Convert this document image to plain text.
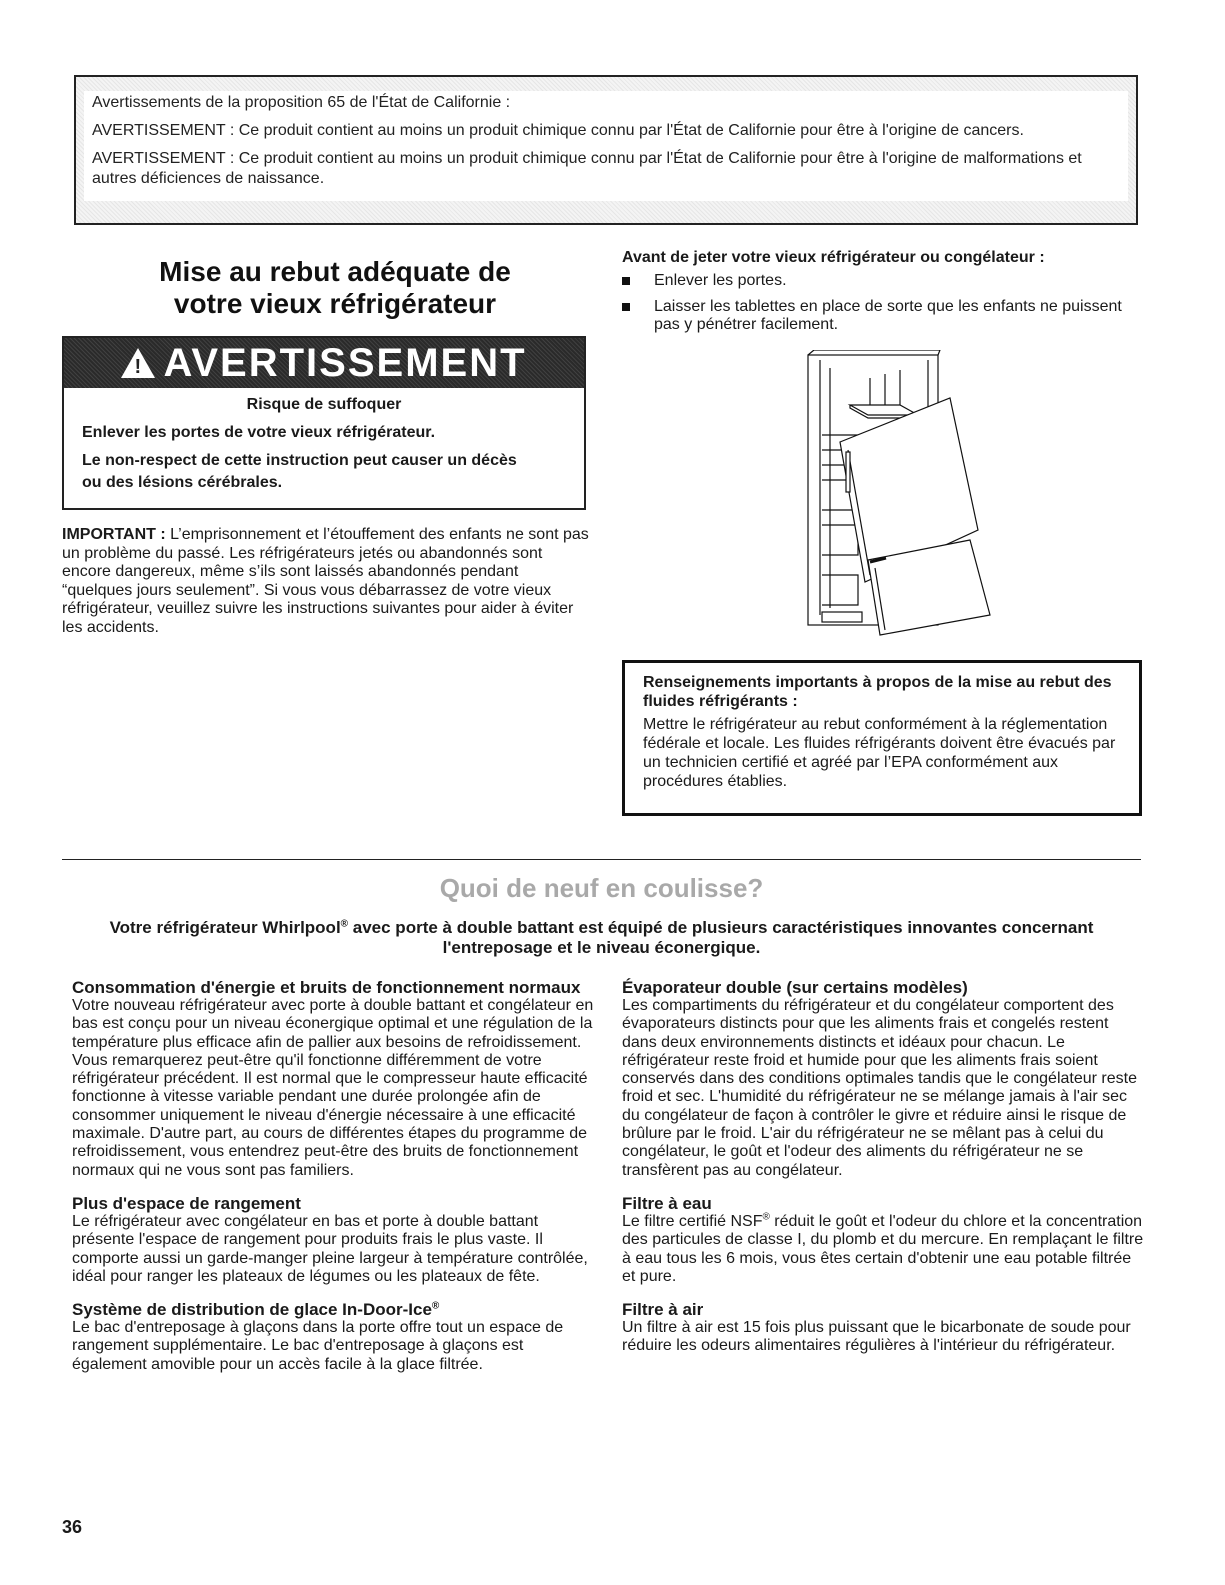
Avertissements de la proposition 65 de l'État de Californie :

AVERTISSEMENT : Ce produit contient au moins un produit chimique connu par l'État de Californie pour être à l'origine de cancers.

AVERTISSEMENT : Ce produit contient au moins un produit chimique connu par l'État de Californie pour être à l'origine de malformations et autres déficiences de naissance.

Mise au rebut adéquate de
votre vieux réfrigérateur
! AVERTISSEMENT
Risque de suffoquer

Enlever les portes de votre vieux réfrigérateur.

Le non-respect de cette instruction peut causer un décès ou des lésions cérébrales.

IMPORTANT : L’emprisonnement et l’étouffement des enfants ne sont pas un problème du passé. Les réfrigérateurs jetés ou abandonnés sont encore dangereux, même s’ils sont laissés abandonnés pendant “quelques jours seulement”. Si vous vous débarrassez de votre vieux réfrigérateur, veuillez suivre les instructions suivantes pour aider à éviter les accidents.
Avant de jeter votre vieux réfrigérateur ou congélateur :
Enlever les portes.
Laisser les tablettes en place de sorte que les enfants ne puissent pas y pénétrer facilement.
Renseignements importants à propos de la mise au rebut des fluides réfrigérants :
Mettre le réfrigérateur au rebut conformément à la réglementation fédérale et locale. Les fluides réfrigérants doivent être évacués par un technicien certifié et agréé par l’EPA conformément aux procédures établies.
Quoi de neuf en coulisse?
Votre réfrigérateur Whirlpool® avec porte à double battant est équipé de plusieurs caractéristiques innovantes concernant l'entreposage et le niveau éconergique.
Consommation d'énergie et bruits de fonctionnement normaux

Votre nouveau réfrigérateur avec porte à double battant et congélateur en bas est conçu pour un niveau éconergique optimal et une régulation de la température plus efficace afin de pallier aux besoins de refroidissement. Vous remarquerez peut-être qu'il fonctionne différemment de votre réfrigérateur précédent. Il est normal que le compresseur haute efficacité fonctionne à vitesse variable pendant une durée prolongée afin de consommer uniquement le niveau d'énergie nécessaire à une efficacité maximale. D'autre part, au cours de différentes étapes du programme de refroidissement, vous entendrez peut-être des bruits de fonctionnement normaux qui ne vous sont pas familiers.

Plus d'espace de rangement

Le réfrigérateur avec congélateur en bas et porte à double battant présente l'espace de rangement pour produits frais le plus vaste. Il comporte aussi un garde-manger pleine largeur à température contrôlée, idéal pour ranger les plateaux de légumes ou les plateaux de fête.

Système de distribution de glace In-Door-Ice®

Le bac d'entreposage à glaçons dans la porte offre tout un espace de rangement supplémentaire. Le bac d'entreposage à glaçons est également amovible pour un accès facile à la glace filtrée.

Évaporateur double (sur certains modèles)

Les compartiments du réfrigérateur et du congélateur comportent des évaporateurs distincts pour que les aliments frais et congelés restent dans deux environnements distincts et idéaux pour chacun. Le réfrigérateur reste froid et humide pour que les aliments frais soient conservés dans des conditions optimales tandis que le congélateur reste froid et sec. L'humidité du réfrigérateur ne se mélange jamais à l'air sec du congélateur de façon à contrôler le givre et réduire ainsi le risque de brûlure par le froid. L'air du réfrigérateur ne se mêlant pas à celui du congélateur, le goût et l'odeur des aliments du réfrigérateur ne se transfèrent pas au congélateur.

Filtre à eau

Le filtre certifié NSF® réduit le goût et l'odeur du chlore et la concentration des particules de classe I, du plomb et du mercure. En remplaçant le filtre à eau tous les 6 mois, vous êtes certain d'obtenir une eau potable filtrée et pure.

Filtre à air

Un filtre à air est 15 fois plus puissant que le bicarbonate de soude pour réduire les odeurs alimentaires régulières à l'intérieur du réfrigérateur.

36
